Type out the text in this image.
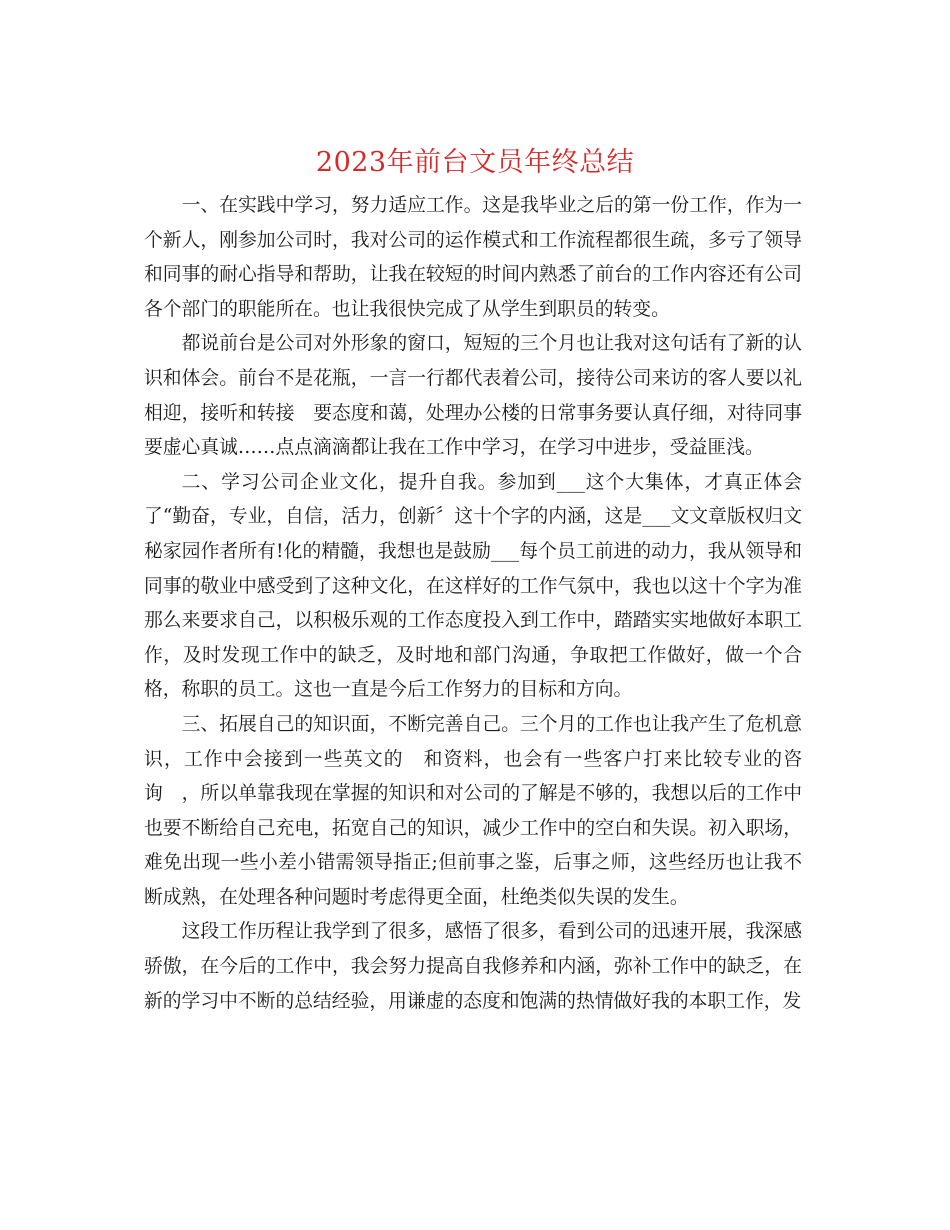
2023年前台文员年终总结

一、在实践中学习，努力适应工作。这是我毕业之后的第一份工作，作为一个新人，刚参加公司时，我对公司的运作模式和工作流程都很生疏，多亏了领导和同事的耐心指导和帮助，让我在较短的时间内熟悉了前台的工作内容还有公司各个部门的职能所在。也让我很快完成了从学生到职员的转变。

都说前台是公司对外形象的窗口，短短的三个月也让我对这句话有了新的认识和体会。前台不是花瓶，一言一行都代表着公司，接待公司来访的客人要以礼相迎，接听和转接　要态度和蔼，处理办公楼的日常事务要认真仔细，对待同事要虚心真诚……点点滴滴都让我在工作中学习，在学习中进步，受益匪浅。

二、学习公司企业文化，提升自我。参加到___这个大集体，才真正体会了“勤奋，专业，自信，活力，创新〞这十个字的内涵，这是___文文章版权归文秘家园作者所有!化的精髓，我想也是鼓励___每个员工前进的动力，我从领导和同事的敬业中感受到了这种文化，在这样好的工作气氛中，我也以这十个字为准那么来要求自己，以积极乐观的工作态度投入到工作中，踏踏实实地做好本职工作，及时发现工作中的缺乏，及时地和部门沟通，争取把工作做好，做一个合格，称职的员工。这也一直是今后工作努力的目标和方向。

三、拓展自己的知识面，不断完善自己。三个月的工作也让我产生了危机意识，工作中会接到一些英文的　和资料，也会有一些客户打来比较专业的咨询　，所以单靠我现在掌握的知识和对公司的了解是不够的，我想以后的工作中也要不断给自己充电，拓宽自己的知识，减少工作中的空白和失误。初入职场，难免出现一些小差小错需领导指正;但前事之鉴，后事之师，这些经历也让我不断成熟，在处理各种问题时考虑得更全面，杜绝类似失误的发生。

这段工作历程让我学到了很多，感悟了很多，看到公司的迅速开展，我深感骄傲，在今后的工作中，我会努力提高自我修养和内涵，弥补工作中的缺乏，在新的学习中不断的总结经验，用谦虚的态度和饱满的热情做好我的本职工作，发
